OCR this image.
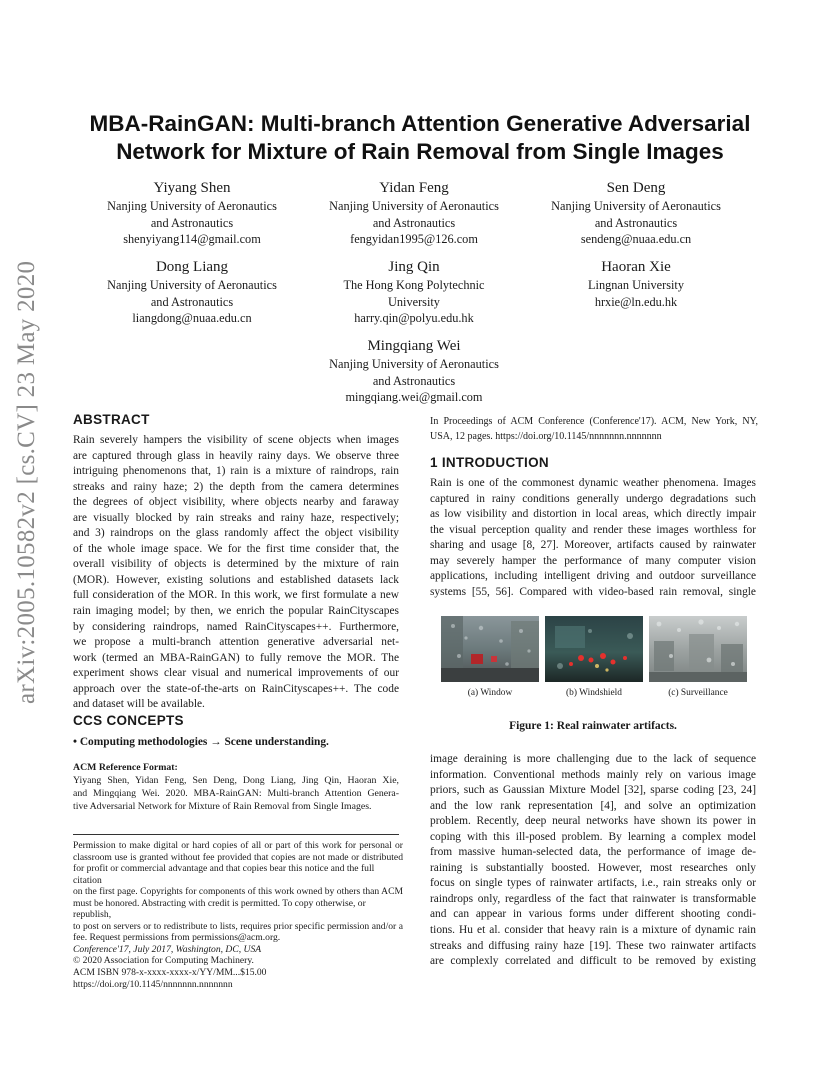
arXiv:2005.10582v2 [cs.CV] 23 May 2020
MBA-RainGAN: Multi-branch Attention Generative Adversarial
Network for Mixture of Rain Removal from Single Images
Yiyang Shen
Nanjing University of Aeronautics
and Astronautics
shenyiyang114@gmail.com
Yidan Feng
Nanjing University of Aeronautics
and Astronautics
fengyidan1995@126.com
Sen Deng
Nanjing University of Aeronautics
and Astronautics
sendeng@nuaa.edu.cn
Dong Liang
Nanjing University of Aeronautics
and Astronautics
liangdong@nuaa.edu.cn
Jing Qin
The Hong Kong Polytechnic
University
harry.qin@polyu.edu.hk
Haoran Xie
Lingnan University
hrxie@ln.edu.hk
Mingqiang Wei
Nanjing University of Aeronautics
and Astronautics
mingqiang.wei@gmail.com
ABSTRACT
Rain severely hampers the visibility of scene objects when images
are captured through glass in heavily rainy days. We observe three
intriguing phenomenons that, 1) rain is a mixture of raindrops, rain
streaks and rainy haze; 2) the depth from the camera determines
the degrees of object visibility, where objects nearby and faraway
are visually blocked by rain streaks and rainy haze, respectively;
and 3) raindrops on the glass randomly affect the object visibility
of the whole image space. We for the first time consider that, the
overall visibility of objects is determined by the mixture of rain
(MOR). However, existing solutions and established datasets lack
full consideration of the MOR. In this work, we first formulate a new
rain imaging model; by then, we enrich the popular RainCityscapes
by considering raindrops, named RainCityscapes++. Furthermore,
we propose a multi-branch attention generative adversarial net-
work (termed an MBA-RainGAN) to fully remove the MOR. The
experiment shows clear visual and numerical improvements of our
approach over the state-of-the-arts on RainCityscapes++. The code
and dataset will be available.
CCS CONCEPTS
• Computing methodologies → Scene understanding.
ACM Reference Format:
Yiyang Shen, Yidan Feng, Sen Deng, Dong Liang, Jing Qin, Haoran Xie,
and Mingqiang Wei. 2020. MBA-RainGAN: Multi-branch Attention Genera-
tive Adversarial Network for Mixture of Rain Removal from Single Images.
Permission to make digital or hard copies of all or part of this work for personal or
classroom use is granted without fee provided that copies are not made or distributed
for profit or commercial advantage and that copies bear this notice and the full citation
on the first page. Copyrights for components of this work owned by others than ACM
must be honored. Abstracting with credit is permitted. To copy otherwise, or republish,
to post on servers or to redistribute to lists, requires prior specific permission and/or a
fee. Request permissions from permissions@acm.org.
Conference'17, July 2017, Washington, DC, USA
© 2020 Association for Computing Machinery.
ACM ISBN 978-x-xxxx-xxxx-x/YY/MM...$15.00
https://doi.org/10.1145/nnnnnnn.nnnnnnn
In Proceedings of ACM Conference (Conference'17). ACM, New York, NY,
USA, 12 pages. https://doi.org/10.1145/nnnnnnn.nnnnnnn
1 INTRODUCTION
Rain is one of the commonest dynamic weather phenomena. Images
captured in rainy conditions generally undergo degradations such
as low visibility and distortion in local areas, which directly impair
the visual perception quality and render these images worthless for
sharing and usage [8, 27]. Moreover, artifacts caused by rainwater
may severely hamper the performance of many computer vision
applications, including intelligent driving and outdoor surveillance
systems [55, 56]. Compared with video-based rain removal, single
(a) Window	(b) Windshield	(c) Surveillance
Figure 1: Real rainwater artifacts.
image deraining is more challenging due to the lack of sequence
information. Conventional methods mainly rely on various image
priors, such as Gaussian Mixture Model [32], sparse coding [23, 24]
and the low rank representation [4], and solve an optimization
problem. Recently, deep neural networks have shown its power in
coping with this ill-posed problem. By learning a complex model
from massive human-selected data, the performance of image de-
raining is substantially boosted. However, most researches only
focus on single types of rainwater artifacts, i.e., rain streaks only or
raindrops only, regardless of the fact that rainwater is transformable
and can appear in various forms under different shooting condi-
tions. Hu et al. consider that heavy rain is a mixture of dynamic rain
streaks and diffusing rainy haze [19]. These two rainwater artifacts
are complexly correlated and difficult to be removed by existing
